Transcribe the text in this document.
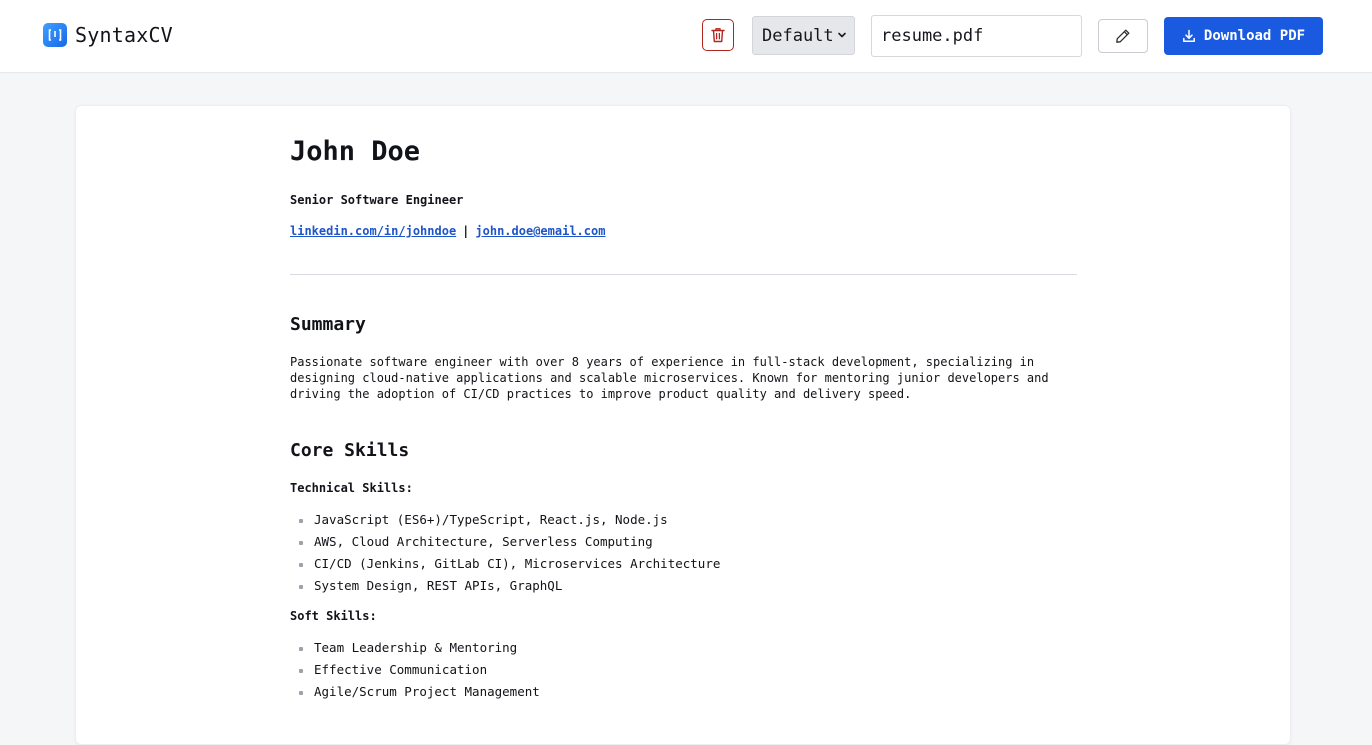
SyntaxCV	Default
resume.pdf	Download PDF
John Doe
Senior Software Engineer
linkedin.com/in/johndoe | john.doe@email.com
Summary

Passionate software engineer with over 8 years of experience in full-stack development, specializing in designing cloud-native applications and scalable microservices. Known for mentoring junior developers and driving the adoption of CI/CD practices to improve product quality and delivery speed.

Core Skills
Technical Skills:
JavaScript (ES6+)/TypeScript, React.js, Node.js
AWS, Cloud Architecture, Serverless Computing
CI/CD (Jenkins, GitLab CI), Microservices Architecture
System Design, REST APIs, GraphQL
Soft Skills:
Team Leadership & Mentoring
Effective Communication
Agile/Scrum Project Management
